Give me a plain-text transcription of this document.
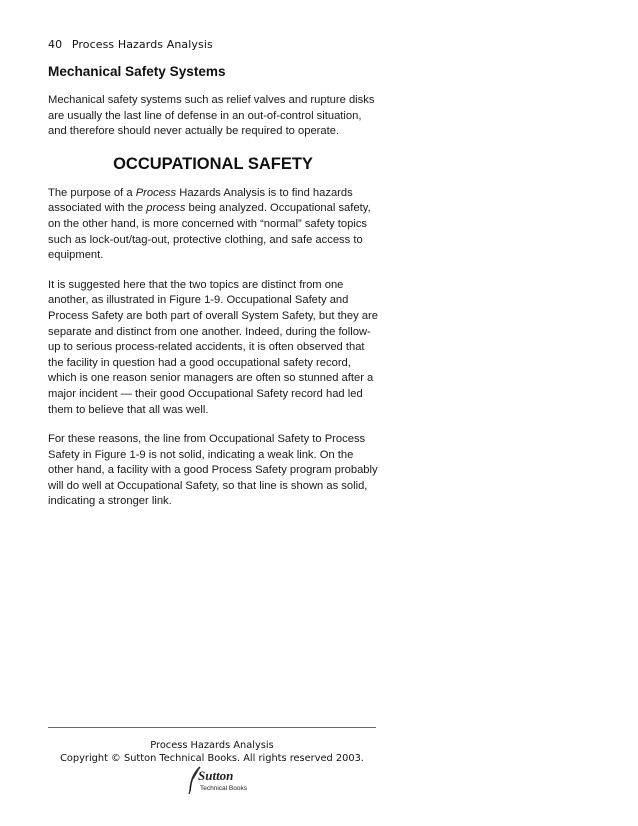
40 Process Hazards Analysis
Mechanical Safety Systems

Mechanical safety systems such as relief valves and rupture disks are usually the last line of defense in an out-of-control situation, and therefore should never actually be required to operate.

OCCUPATIONAL SAFETY

The purpose of a Process Hazards Analysis is to find hazards associated with the process being analyzed. Occupational safety, on the other hand, is more concerned with “normal” safety topics such as lock-out/tag-out, protective clothing, and safe access to equipment.

It is suggested here that the two topics are distinct from one another, as illustrated in Figure 1-9. Occupational Safety and Process Safety are both part of overall System Safety, but they are separate and distinct from one another. Indeed, during the follow-up to serious process-related accidents, it is often observed that the facility in question had a good occupational safety record, which is one reason senior managers are often so stunned after a major incident — their good Occupational Safety record had led them to believe that all was well.

For these reasons, the line from Occupational Safety to Process Safety in Figure 1-9 is not solid, indicating a weak link. On the other hand, a facility with a good Process Safety program probably will do well at Occupational Safety, so that line is shown as solid, indicating a stronger link.

Process Hazards Analysis
Copyright © Sutton Technical Books. All rights reserved 2003.
Sutton
Technical Books
